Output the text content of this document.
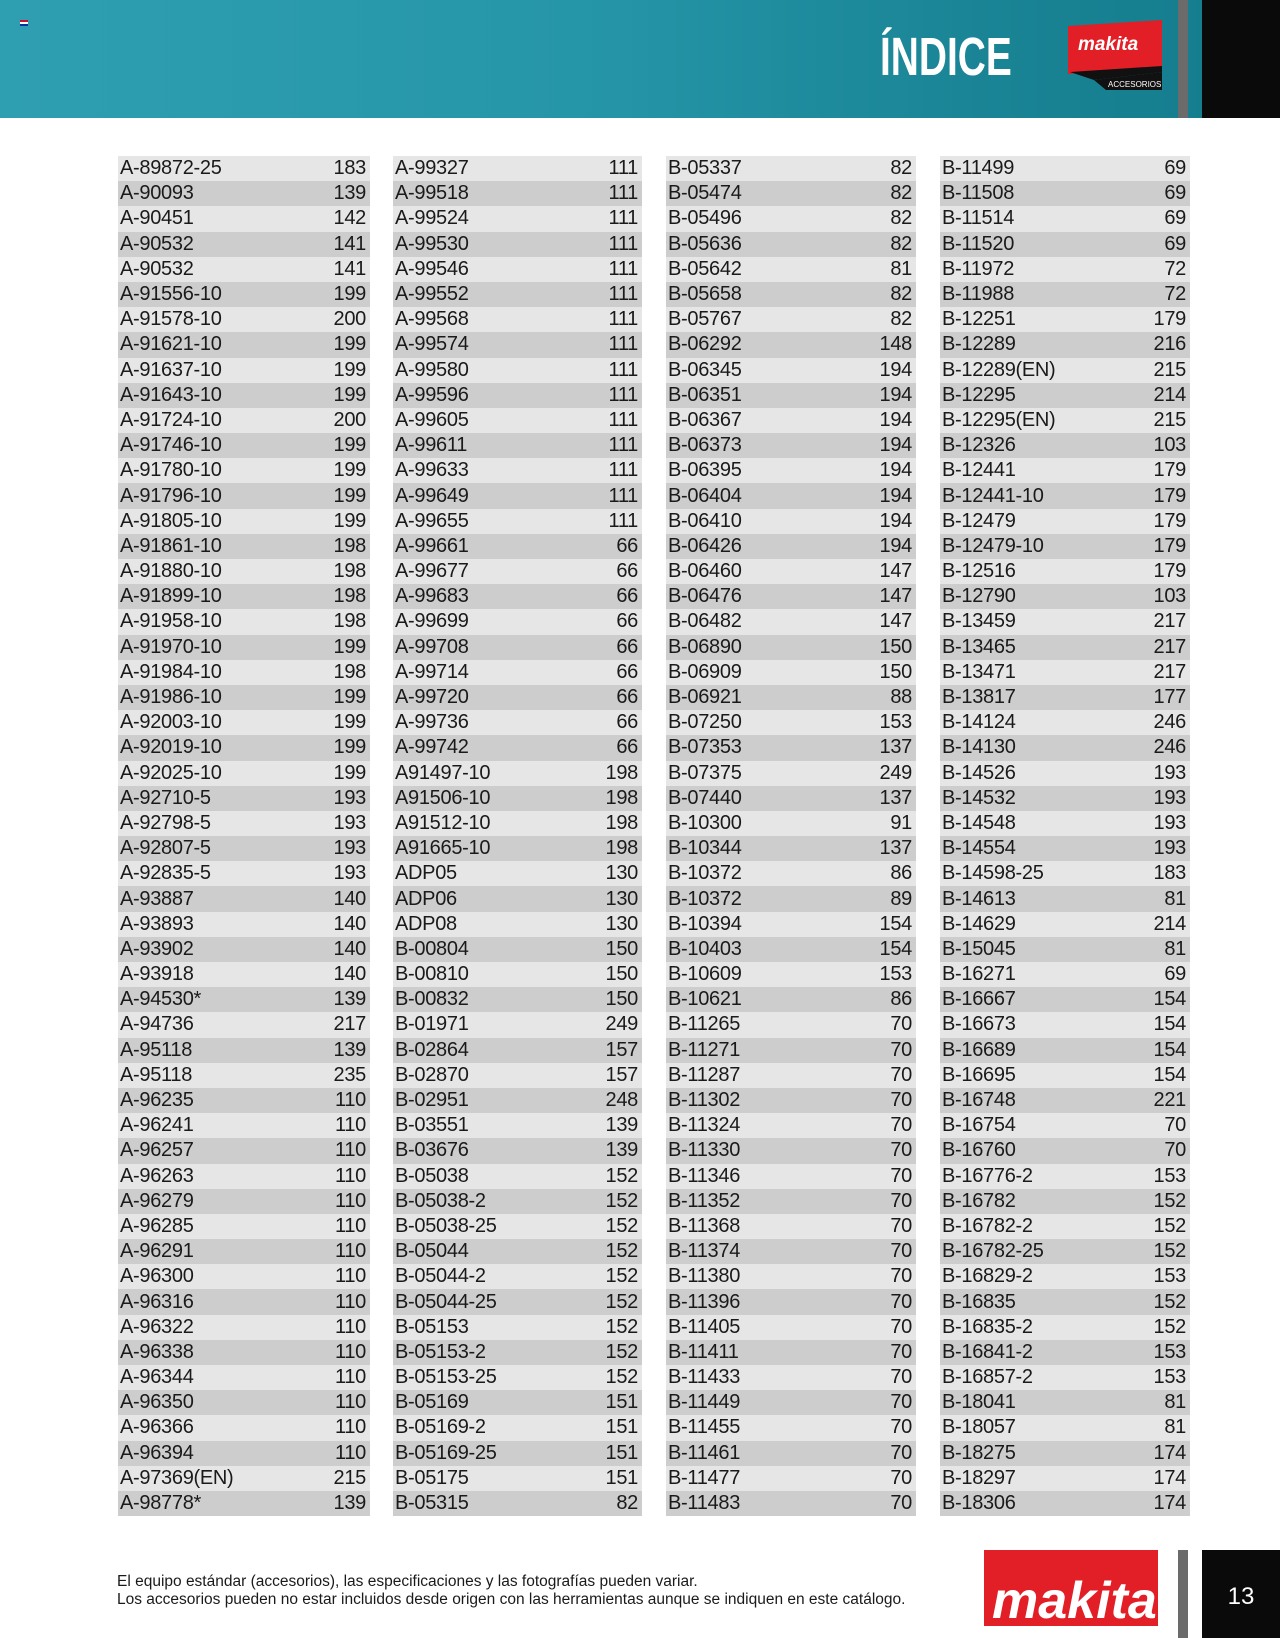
ÍNDICE	makita
ACCESORIOS
A-89872-25	183
A-90093	139
A-90451	142
A-90532	141
A-90532	141
A-91556-10	199
A-91578-10	200
A-91621-10	199
A-91637-10	199
A-91643-10	199
A-91724-10	200
A-91746-10	199
A-91780-10	199
A-91796-10	199
A-91805-10	199
A-91861-10	198
A-91880-10	198
A-91899-10	198
A-91958-10	198
A-91970-10	199
A-91984-10	198
A-91986-10	199
A-92003-10	199
A-92019-10	199
A-92025-10	199
A-92710-5	193
A-92798-5	193
A-92807-5	193
A-92835-5	193
A-93887	140
A-93893	140
A-93902	140
A-93918	140
A-94530*	139
A-94736	217
A-95118	139
A-95118	235
A-96235	110
A-96241	110
A-96257	110
A-96263	110
A-96279	110
A-96285	110
A-96291	110
A-96300	110
A-96316	110
A-96322	110
A-96338	110
A-96344	110
A-96350	110
A-96366	110
A-96394	110
A-97369(EN)	215
A-98778*	139
A-99327	111
A-99518	111
A-99524	111
A-99530	111
A-99546	111
A-99552	111
A-99568	111
A-99574	111
A-99580	111
A-99596	111
A-99605	111
A-99611	111
A-99633	111
A-99649	111
A-99655	111
A-99661	66
A-99677	66
A-99683	66
A-99699	66
A-99708	66
A-99714	66
A-99720	66
A-99736	66
A-99742	66
A91497-10	198
A91506-10	198
A91512-10	198
A91665-10	198
ADP05	130
ADP06	130
ADP08	130
B-00804	150
B-00810	150
B-00832	150
B-01971	249
B-02864	157
B-02870	157
B-02951	248
B-03551	139
B-03676	139
B-05038	152
B-05038-2	152
B-05038-25	152
B-05044	152
B-05044-2	152
B-05044-25	152
B-05153	152
B-05153-2	152
B-05153-25	152
B-05169	151
B-05169-2	151
B-05169-25	151
B-05175	151
B-05315	82
B-05337	82
B-05474	82
B-05496	82
B-05636	82
B-05642	81
B-05658	82
B-05767	82
B-06292	148
B-06345	194
B-06351	194
B-06367	194
B-06373	194
B-06395	194
B-06404	194
B-06410	194
B-06426	194
B-06460	147
B-06476	147
B-06482	147
B-06890	150
B-06909	150
B-06921	88
B-07250	153
B-07353	137
B-07375	249
B-07440	137
B-10300	91
B-10344	137
B-10372	86
B-10372	89
B-10394	154
B-10403	154
B-10609	153
B-10621	86
B-11265	70
B-11271	70
B-11287	70
B-11302	70
B-11324	70
B-11330	70
B-11346	70
B-11352	70
B-11368	70
B-11374	70
B-11380	70
B-11396	70
B-11405	70
B-11411	70
B-11433	70
B-11449	70
B-11455	70
B-11461	70
B-11477	70
B-11483	70
B-11499	69
B-11508	69
B-11514	69
B-11520	69
B-11972	72
B-11988	72
B-12251	179
B-12289	216
B-12289(EN)	215
B-12295	214
B-12295(EN)	215
B-12326	103
B-12441	179
B-12441-10	179
B-12479	179
B-12479-10	179
B-12516	179
B-12790	103
B-13459	217
B-13465	217
B-13471	217
B-13817	177
B-14124	246
B-14130	246
B-14526	193
B-14532	193
B-14548	193
B-14554	193
B-14598-25	183
B-14613	81
B-14629	214
B-15045	81
B-16271	69
B-16667	154
B-16673	154
B-16689	154
B-16695	154
B-16748	221
B-16754	70
B-16760	70
B-16776-2	153
B-16782	152
B-16782-2	152
B-16782-25	152
B-16829-2	153
B-16835	152
B-16835-2	152
B-16841-2	153
B-16857-2	153
B-18041	81
B-18057	81
B-18275	174
B-18297	174
B-18306	174
El equipo estándar (accesorios), las especificaciones y las fotografías pueden variar.
Los accesorios pueden no estar incluidos desde origen con las herramientas aunque se indiquen en este catálogo. makita	13
